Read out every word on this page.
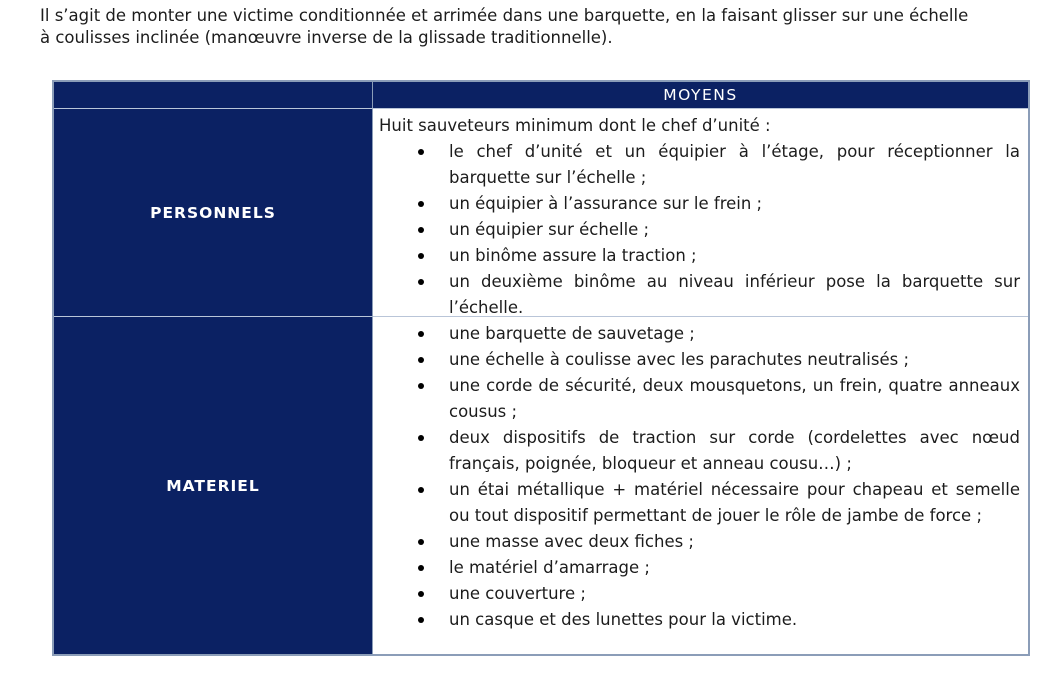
Il s’agit de monter une victime conditionnée et arrimée dans une barquette, en la faisant glisser sur une échelle à coulisses inclinée (manœuvre inverse de la glissade traditionnelle).

MOYENS
PERSONNELS
Huit sauveteurs minimum dont le chef d’unité :
le chef d’unité et un équipier à l’étage, pour réceptionner la barquette sur l’échelle ;
un équipier à l’assurance sur le frein ;
un équipier sur échelle ;
un binôme assure la traction ;
un deuxième binôme au niveau inférieur pose la barquette sur l’échelle.
MATERIEL
une barquette de sauvetage ;
une échelle à coulisse avec les parachutes neutralisés ;
une corde de sécurité, deux mousquetons, un frein, quatre anneaux cousus ;
deux dispositifs de traction sur corde (cordelettes avec nœud français, poignée, bloqueur et anneau cousu…) ;
un étai métallique + matériel nécessaire pour chapeau et semelle ou tout dispositif permettant de jouer le rôle de jambe de force ;
une masse avec deux fiches ;
le matériel d’amarrage ;
une couverture ;
un casque et des lunettes pour la victime.
